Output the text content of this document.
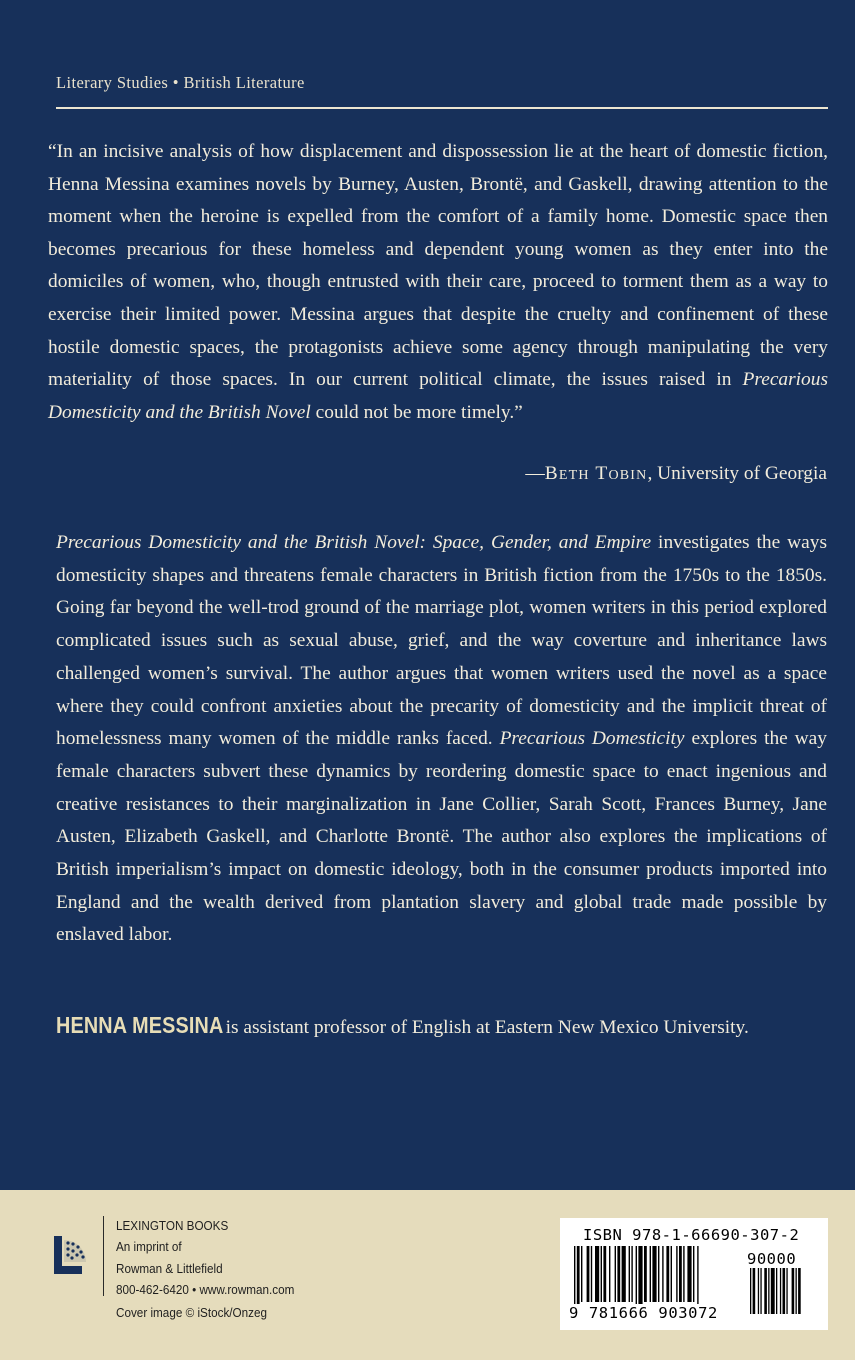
Literary Studies • British Literature
“In an incisive analysis of how displacement and dispossession lie at the heart of domestic fiction, Henna Messina examines novels by Burney, Austen, Brontë, and Gaskell, drawing attention to the moment when the heroine is expelled from the comfort of a family home. Domestic space then becomes precarious for these homeless and dependent young women as they enter into the domiciles of women, who, though entrusted with their care, proceed to torment them as a way to exercise their limited power. Messina argues that despite the cruelty and confinement of these hostile domestic spaces, the protagonists achieve some agency through manipulating the very materiality of those spaces. In our current political climate, the issues raised in Precarious Domesticity and the British Novel could not be more timely.”
—Beth Tobin, University of Georgia
Precarious Domesticity and the British Novel: Space, Gender, and Empire investigates the ways domesticity shapes and threatens female characters in British fiction from the 1750s to the 1850s. Going far beyond the well-trod ground of the marriage plot, women writers in this period explored complicated issues such as sexual abuse, grief, and the way coverture and inheritance laws challenged women’s survival. The author argues that women writers used the novel as a space where they could confront anxieties about the precarity of domesticity and the implicit threat of homelessness many women of the middle ranks faced. Precarious Domesticity explores the way female characters subvert these dynamics by reordering domestic space to enact ingenious and creative resistances to their marginalization in Jane Collier, Sarah Scott, Frances Burney, Jane Austen, Elizabeth Gaskell, and Charlotte Brontë. The author also explores the implications of British imperialism’s impact on domestic ideology, both in the consumer products imported into England and the wealth derived from plantation slavery and global trade made possible by enslaved labor.
HENNA MESSINA is assistant professor of English at Eastern New Mexico University.
LEXINGTON BOOKS
An imprint of
Rowman & Littlefield
800-462-6420 • www.rowman.com
Cover image © iStock/Onzeg
ISBN 978-1-66690-307-2
90000
9 781666 903072
